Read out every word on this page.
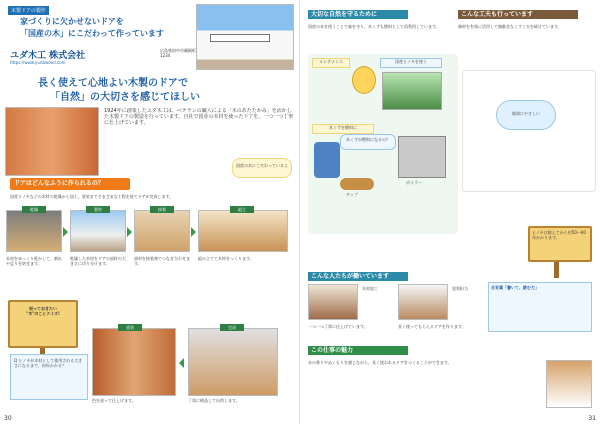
木製ドアの製作
家づくりに欠かせないドアを
「国産の木」にこだわって作っています
ユダ木工 株式会社
https://www.yudawood.com
広島県府中市鵜飼町1234
長く使えて心地よい木製のドアで
「自然」の大切さを感じてほしい
1924年に創業したユダ木工は、ベテランの職人による「木のあたたかみ」を活かした木製ドアの製造を行っています。自社で国産の木材を使ったドアを、一つ一つ丁寧に仕上げています。
国産の木にこだわっているよ
ドアはどんなふうに作られるの？
国産ヒノキなどの木材の乾燥から加工、塗装までさまざまな工程を経てドアが完成します。
乾燥	製材	接着	組立
木材をゆっくり乾かして、割れや反りを防ぎます。
乾燥した木材をドアの部材の大きさに切り分けます。
部材を接着剤でつなぎ合わせます。
組み立てて木枠をつくります。
知っておきたい
"木"のことクイズ!
Q ヒノキが木材として使用される大きさになるまで、何年かかる？
塗装	完成
色を塗って仕上げます。	丁寧に検品して出荷します。
30
大切な自然を守るために
国産の木を使うことで森を守り、木くずも燃料として再利用しています。
メンテナンス	国産ヒノキを使う
木くずを燃料に
木くずが燃料になるの？
ボイラー
チップ
こんな工夫も行っています
端材を有効に活用して無駄をなくす工夫を続けています。
地球にやさしい
ヒノキは植えてから約50〜60年かかります。
こんな人たちが働いています
木材加工
一つ一つ丁寧に仕上げています。
塗装担当
長く使ってもらえるドアを作ります。
この仕事の魅力
木の香りやぬくもりを感じながら、長く使われるドアをつくることができます。
合言葉「書いて、読む力」
31
